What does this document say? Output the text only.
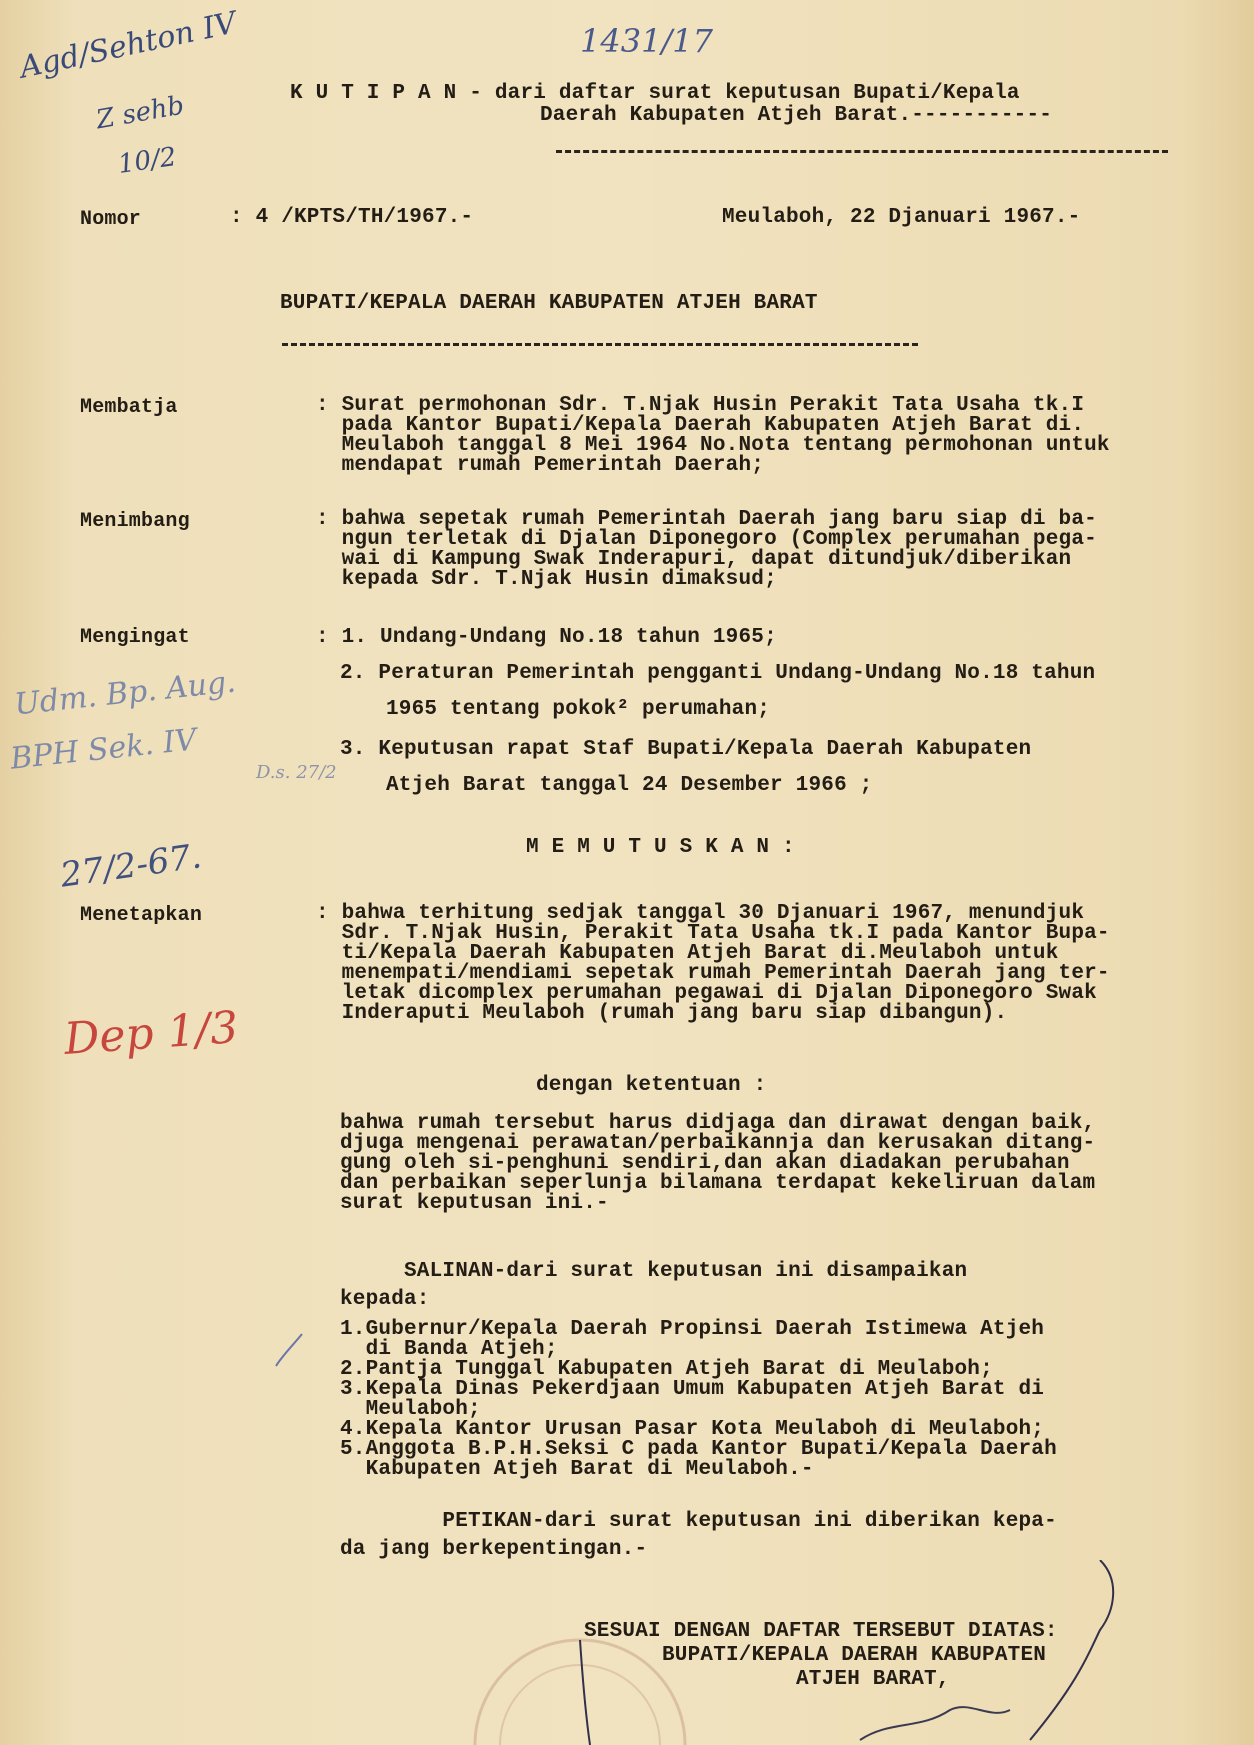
Agd/Sehton IV
Z sehb
10/2
1431/17
K U T I P A N - dari daftar surat keputusan Bupati/Kepala
Daerah Kabupaten Atjeh Barat.-----------
Nomor	: 4 /KPTS/TH/1967.-	Meulaboh, 22 Djanuari 1967.-
BUPATI/KEPALA DAERAH KABUPATEN ATJEH BARAT
Membatja	: Surat permohonan Sdr. T.Njak Husin Perakit Tata Usaha tk.I
pada Kantor Bupati/Kepala Daerah Kabupaten Atjeh Barat di.
Meulaboh tanggal 8 Mei 1964 No.Nota tentang permohonan untuk
mendapat rumah Pemerintah Daerah;
Menimbang	: bahwa sepetak rumah Pemerintah Daerah jang baru siap di ba-
ngun terletak di Djalan Diponegoro (Complex perumahan pega-
wai di Kampung Swak Inderapuri, dapat ditundjuk/diberikan
kepada Sdr. T.Njak Husin dimaksud;
Mengingat	: 1. Undang-Undang No.18 tahun 1965;
2. Peraturan Pemerintah pengganti Undang-Undang No.18 tahun
1965 tentang pokok² perumahan;
3. Keputusan rapat Staf Bupati/Kepala Daerah Kabupaten
Atjeh Barat tanggal 24 Desember 1966 ;
Udm. Bp. Aug.
BPH Sek. IV	D.s. 27/2
27/2-67.	M E M U T U S K A N :
Menetapkan	: bahwa terhitung sedjak tanggal 30 Djanuari 1967, menundjuk
Sdr. T.Njak Husin, Perakit Tata Usaha tk.I pada Kantor Bupa-
ti/Kepala Daerah Kabupaten Atjeh Barat di.Meulaboh untuk
menempati/mendiami sepetak rumah Pemerintah Daerah jang ter-
letak dicomplex perumahan pegawai di Djalan Diponegoro Swak
Inderaputi Meulaboh (rumah jang baru siap dibangun).
Dep 1/3
dengan ketentuan :
bahwa rumah tersebut harus didjaga dan dirawat dengan baik,
djuga mengenai perawatan/perbaikannja dan kerusakan ditang-
gung oleh si-penghuni sendiri,dan akan diadakan perubahan
dan perbaikan seperlunja bilamana terdapat kekeliruan dalam
surat keputusan ini.-
SALINAN-dari surat keputusan ini disampaikan
kepada:
1.Gubernur/Kepala Daerah Propinsi Daerah Istimewa Atjeh
di Banda Atjeh;
2.Pantja Tunggal Kabupaten Atjeh Barat di Meulaboh;
3.Kepala Dinas Pekerdjaan Umum Kabupaten Atjeh Barat di
Meulaboh;
4.Kepala Kantor Urusan Pasar Kota Meulaboh di Meulaboh;
5.Anggota B.P.H.Seksi C pada Kantor Bupati/Kepala Daerah
Kabupaten Atjeh Barat di Meulaboh.-
PETIKAN-dari surat keputusan ini diberikan kepa-
da jang berkepentingan.-
SESUAI DENGAN DAFTAR TERSEBUT DIATAS:
BUPATI/KEPALA DAERAH KABUPATEN
ATJEH BARAT,
